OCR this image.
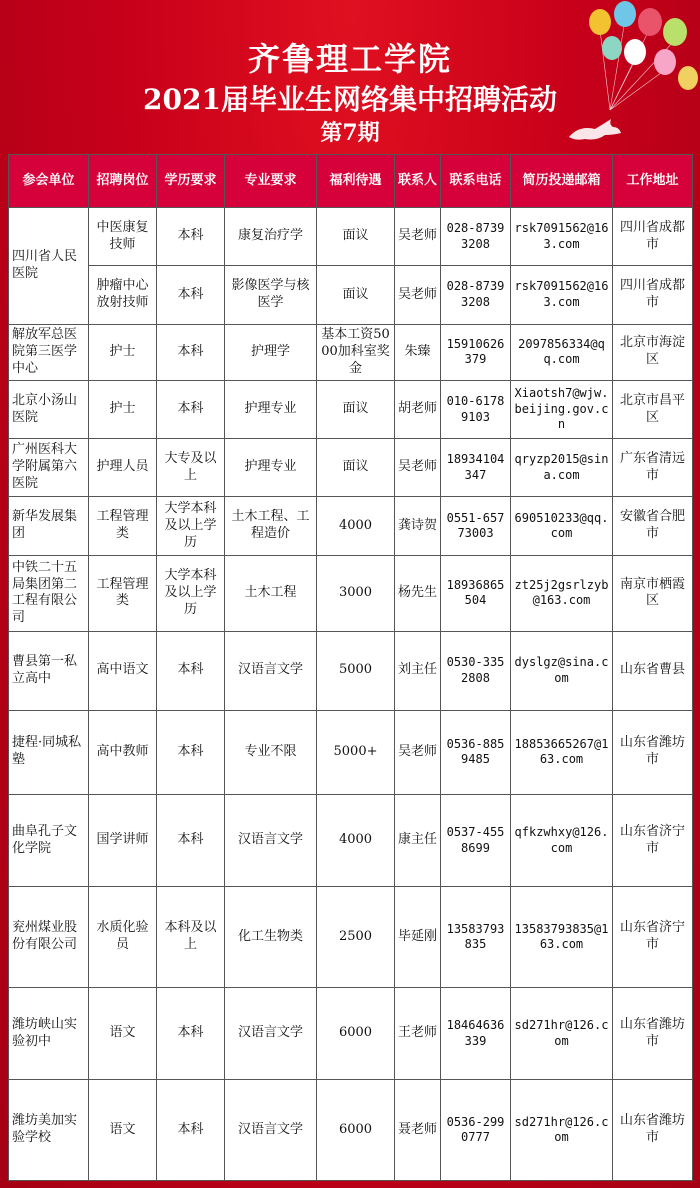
齐鲁理工学院
2021届毕业生网络集中招聘活动
第7期
参会单位	招聘岗位	学历要求	专业要求	福利待遇	联系人	联系电话	简历投递邮箱	工作地址
四川省人民医院	中医康复技师	本科	康复治疗学	面议	吴老师	028-87393208	rsk7091562@163.com	四川省成都市
	肿瘤中心放射技师	本科	影像医学与核医学	面议	吴老师	028-87393208	rsk7091562@163.com	四川省成都市
解放军总医院第三医学中心	护士	本科	护理学	基本工资5000加科室奖金	朱臻	15910626379	2097856334@qq.com	北京市海淀区
北京小汤山医院	护士	本科	护理专业	面议	胡老师	010-61789103	Xiaotsh7@wjw.beijing.gov.cn	北京市昌平区
广州医科大学附属第六医院	护理人员	大专及以上	护理专业	面议	吴老师	18934104347	qryzp2015@sina.com	广东省清远市
新华发展集团	工程管理类	大学本科及以上学历	土木工程、工程造价	4000	龚诗贺	0551-65773003	690510233@qq.com	安徽省合肥市
中铁二十五局集团第二工程有限公司	工程管理类	大学本科及以上学历	土木工程	3000	杨先生	18936865504	zt25j2gsrlzyb@163.com	南京市栖霞区
曹县第一私立高中	高中语文	本科	汉语言文学	5000	刘主任	0530-3352808	dyslgz@sina.com	山东省曹县
捷程·同城私塾	高中教师	本科	专业不限	5000+	吴老师	0536-8859485	18853665267@163.com	山东省潍坊市
曲阜孔子文化学院	国学讲师	本科	汉语言文学	4000	康主任	0537-4558699	qfkzwhxy@126.com	山东省济宁市
兖州煤业股份有限公司	水质化验员	本科及以上	化工生物类	2500	毕延刚	13583793835	13583793835@163.com	山东省济宁市
潍坊峡山实验初中	语文	本科	汉语言文学	6000	王老师	18464636339	sd271hr@126.com	山东省潍坊市
潍坊美加实验学校	语文	本科	汉语言文学	6000	聂老师	0536-2990777	sd271hr@126.com	山东省潍坊市
